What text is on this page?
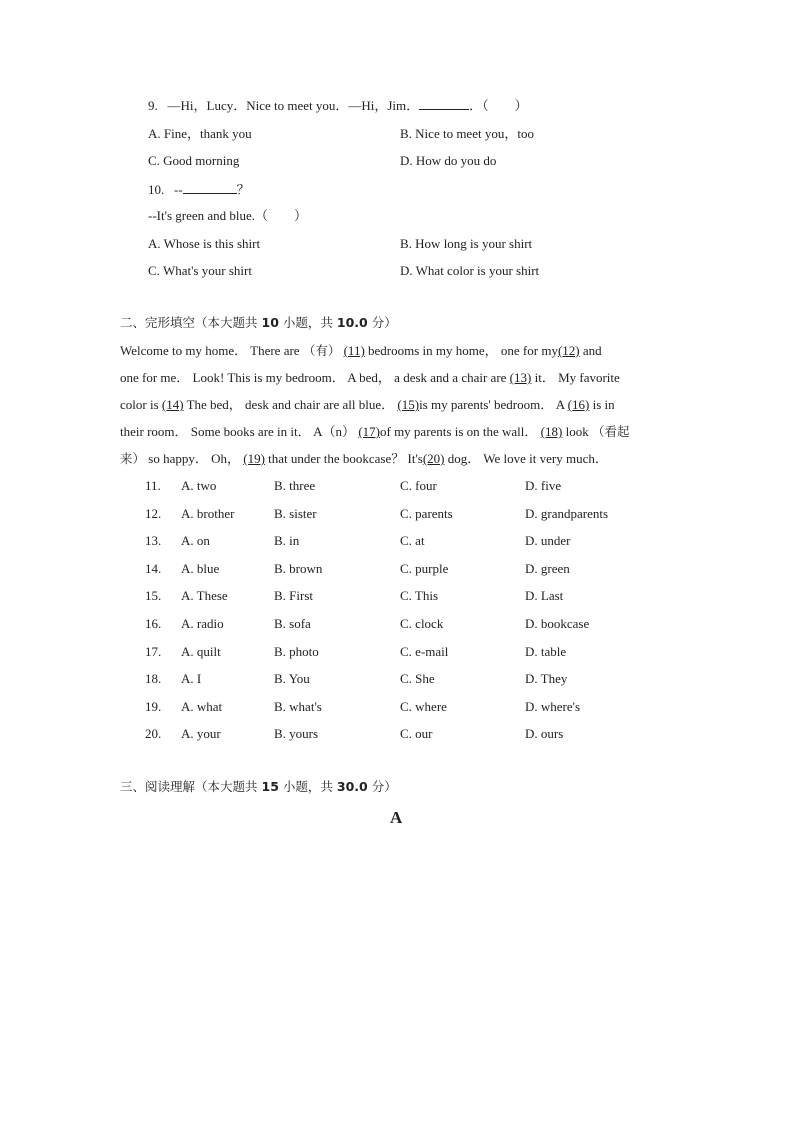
9. —Hi，Lucy．Nice to meet you．—Hi，Jim．	．（　　）
A. Fine，thank you	B. Nice to meet you，too
C. Good morning	D. How do you do
10. --	？
--It's green and blue.（　　）
A. Whose is this shirt	B. How long is your shirt
C. What's your shirt	D. What color is your shirt
二、完形填空（本大题共 10 小题，共 10.0 分）
Welcome to my home． There are （有） (11) bedrooms in my home， one for my(12) and
one for me． Look! This is my bedroom． A bed， a desk and a chair are (13) it． My favorite
color is (14) The bed， desk and chair are all blue． (15)is my parents' bedroom． A (16) is in
their room． Some books are in it． A（n） (17)of my parents is on the wall． (18) look （看起
来） so happy． Oh， (19) that under the bookcase？ It's(20) dog． We love it very much．
11. A. two	B. three	C. four	D. five
12. A. brother	B. sister	C. parents	D. grandparents
13. A. on	B. in	C. at	D. under
14. A. blue	B. brown	C. purple	D. green
15. A. These	B. First	C. This	D. Last
16. A. radio	B. sofa	C. clock	D. bookcase
17. A. quilt	B. photo	C. e-mail	D. table
18. A. I	B. You	C. She	D. They
19. A. what	B. what's	C. where	D. where's
20. A. your	B. yours	C. our	D. ours
三、阅读理解（本大题共 15 小题，共 30.0 分）
A
